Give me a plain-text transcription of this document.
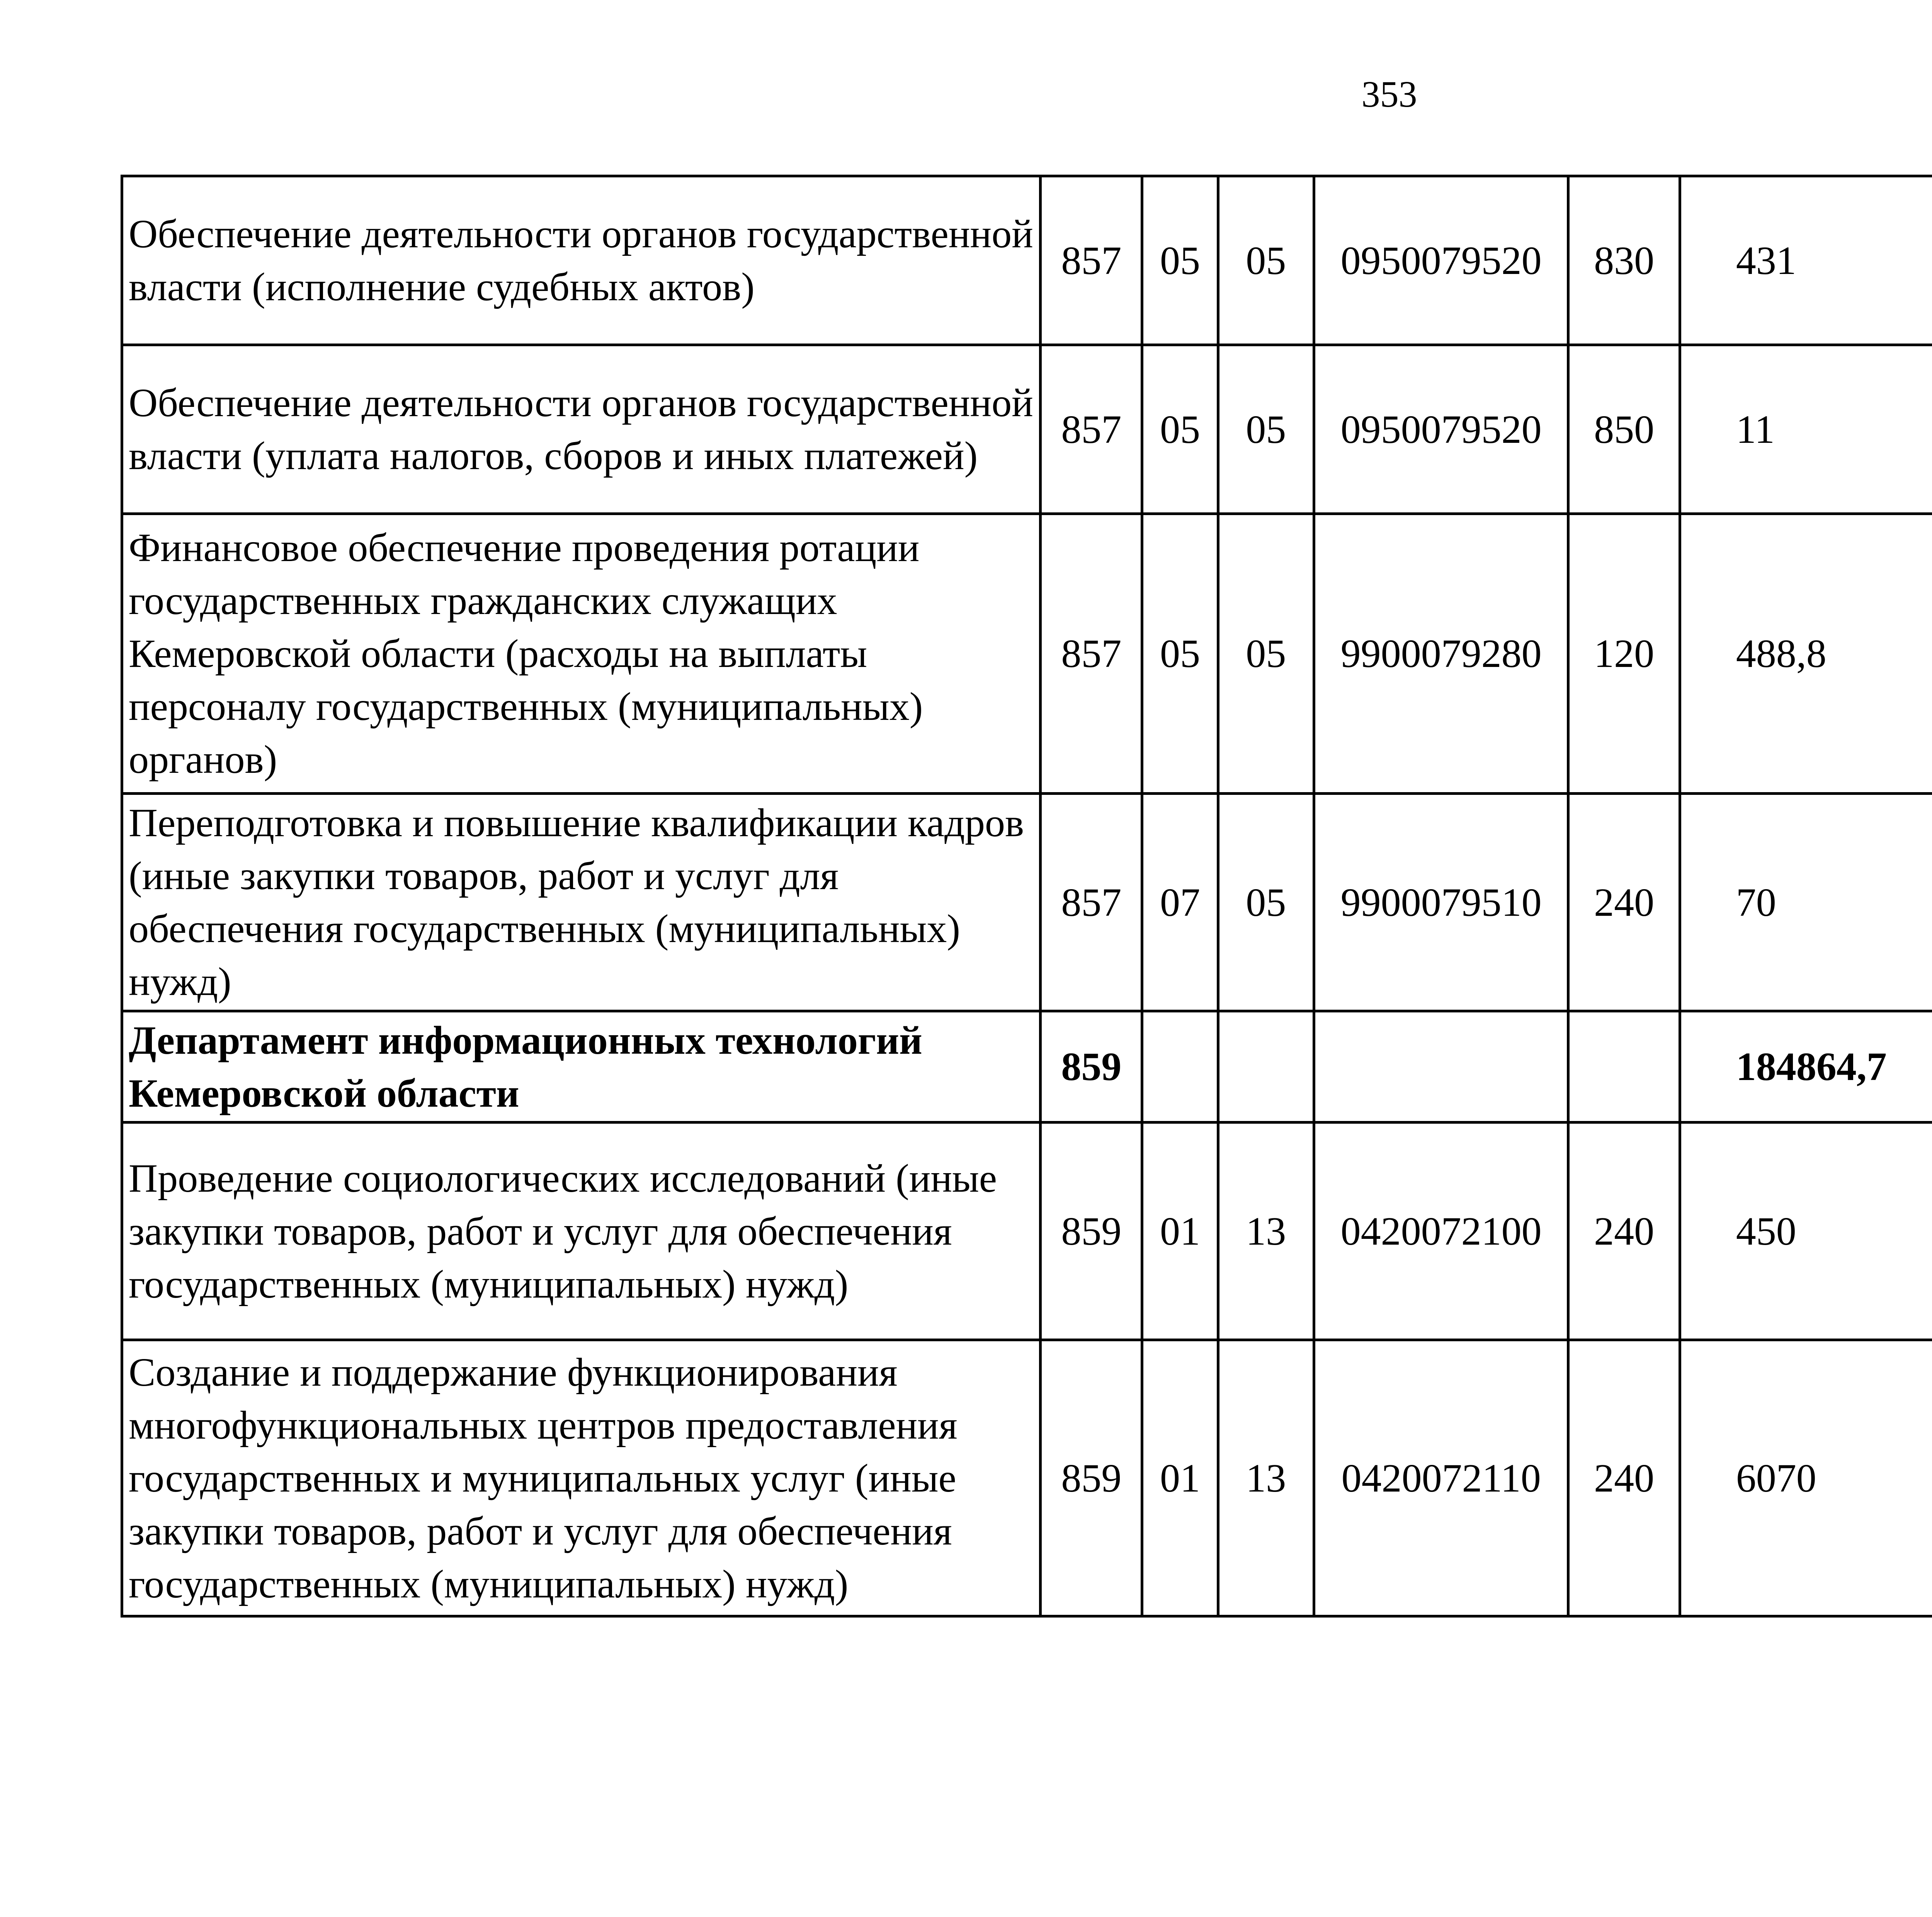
353
Обеспечение деятельности органов государственной власти (исполнение судебных актов)	857	05	05	0950079520	830	431		

Обеспечение деятельности органов государственной власти (уплата налогов, сборов и иных платежей)	857	05	05	0950079520	850	11		

Финансовое обеспечение проведения ротации государственных гражданских служащих Кемеровской области (расходы на выплаты персоналу государственных (муниципальных) органов)	857	05	05	9900079280	120	488,8		

Переподготовка и повышение квалификации кадров (иные закупки товаров, работ и услуг для обеспечения государственных (муниципальных) нужд)	857	07	05	9900079510	240	70		

Департамент информационных технологий Кемеровской области	859					184864,7		

Проведение социологических исследований (иные закупки товаров, работ и услуг для обеспечения государственных (муниципальных) нужд)	859	01	13	0420072100	240	450		

Создание и поддержание функционирования многофункциональных центров предоставления государственных и муниципальных услуг (иные закупки товаров, работ и услуг для обеспечения государственных (муниципальных) нужд)	859	01	13	0420072110	240	6070		
